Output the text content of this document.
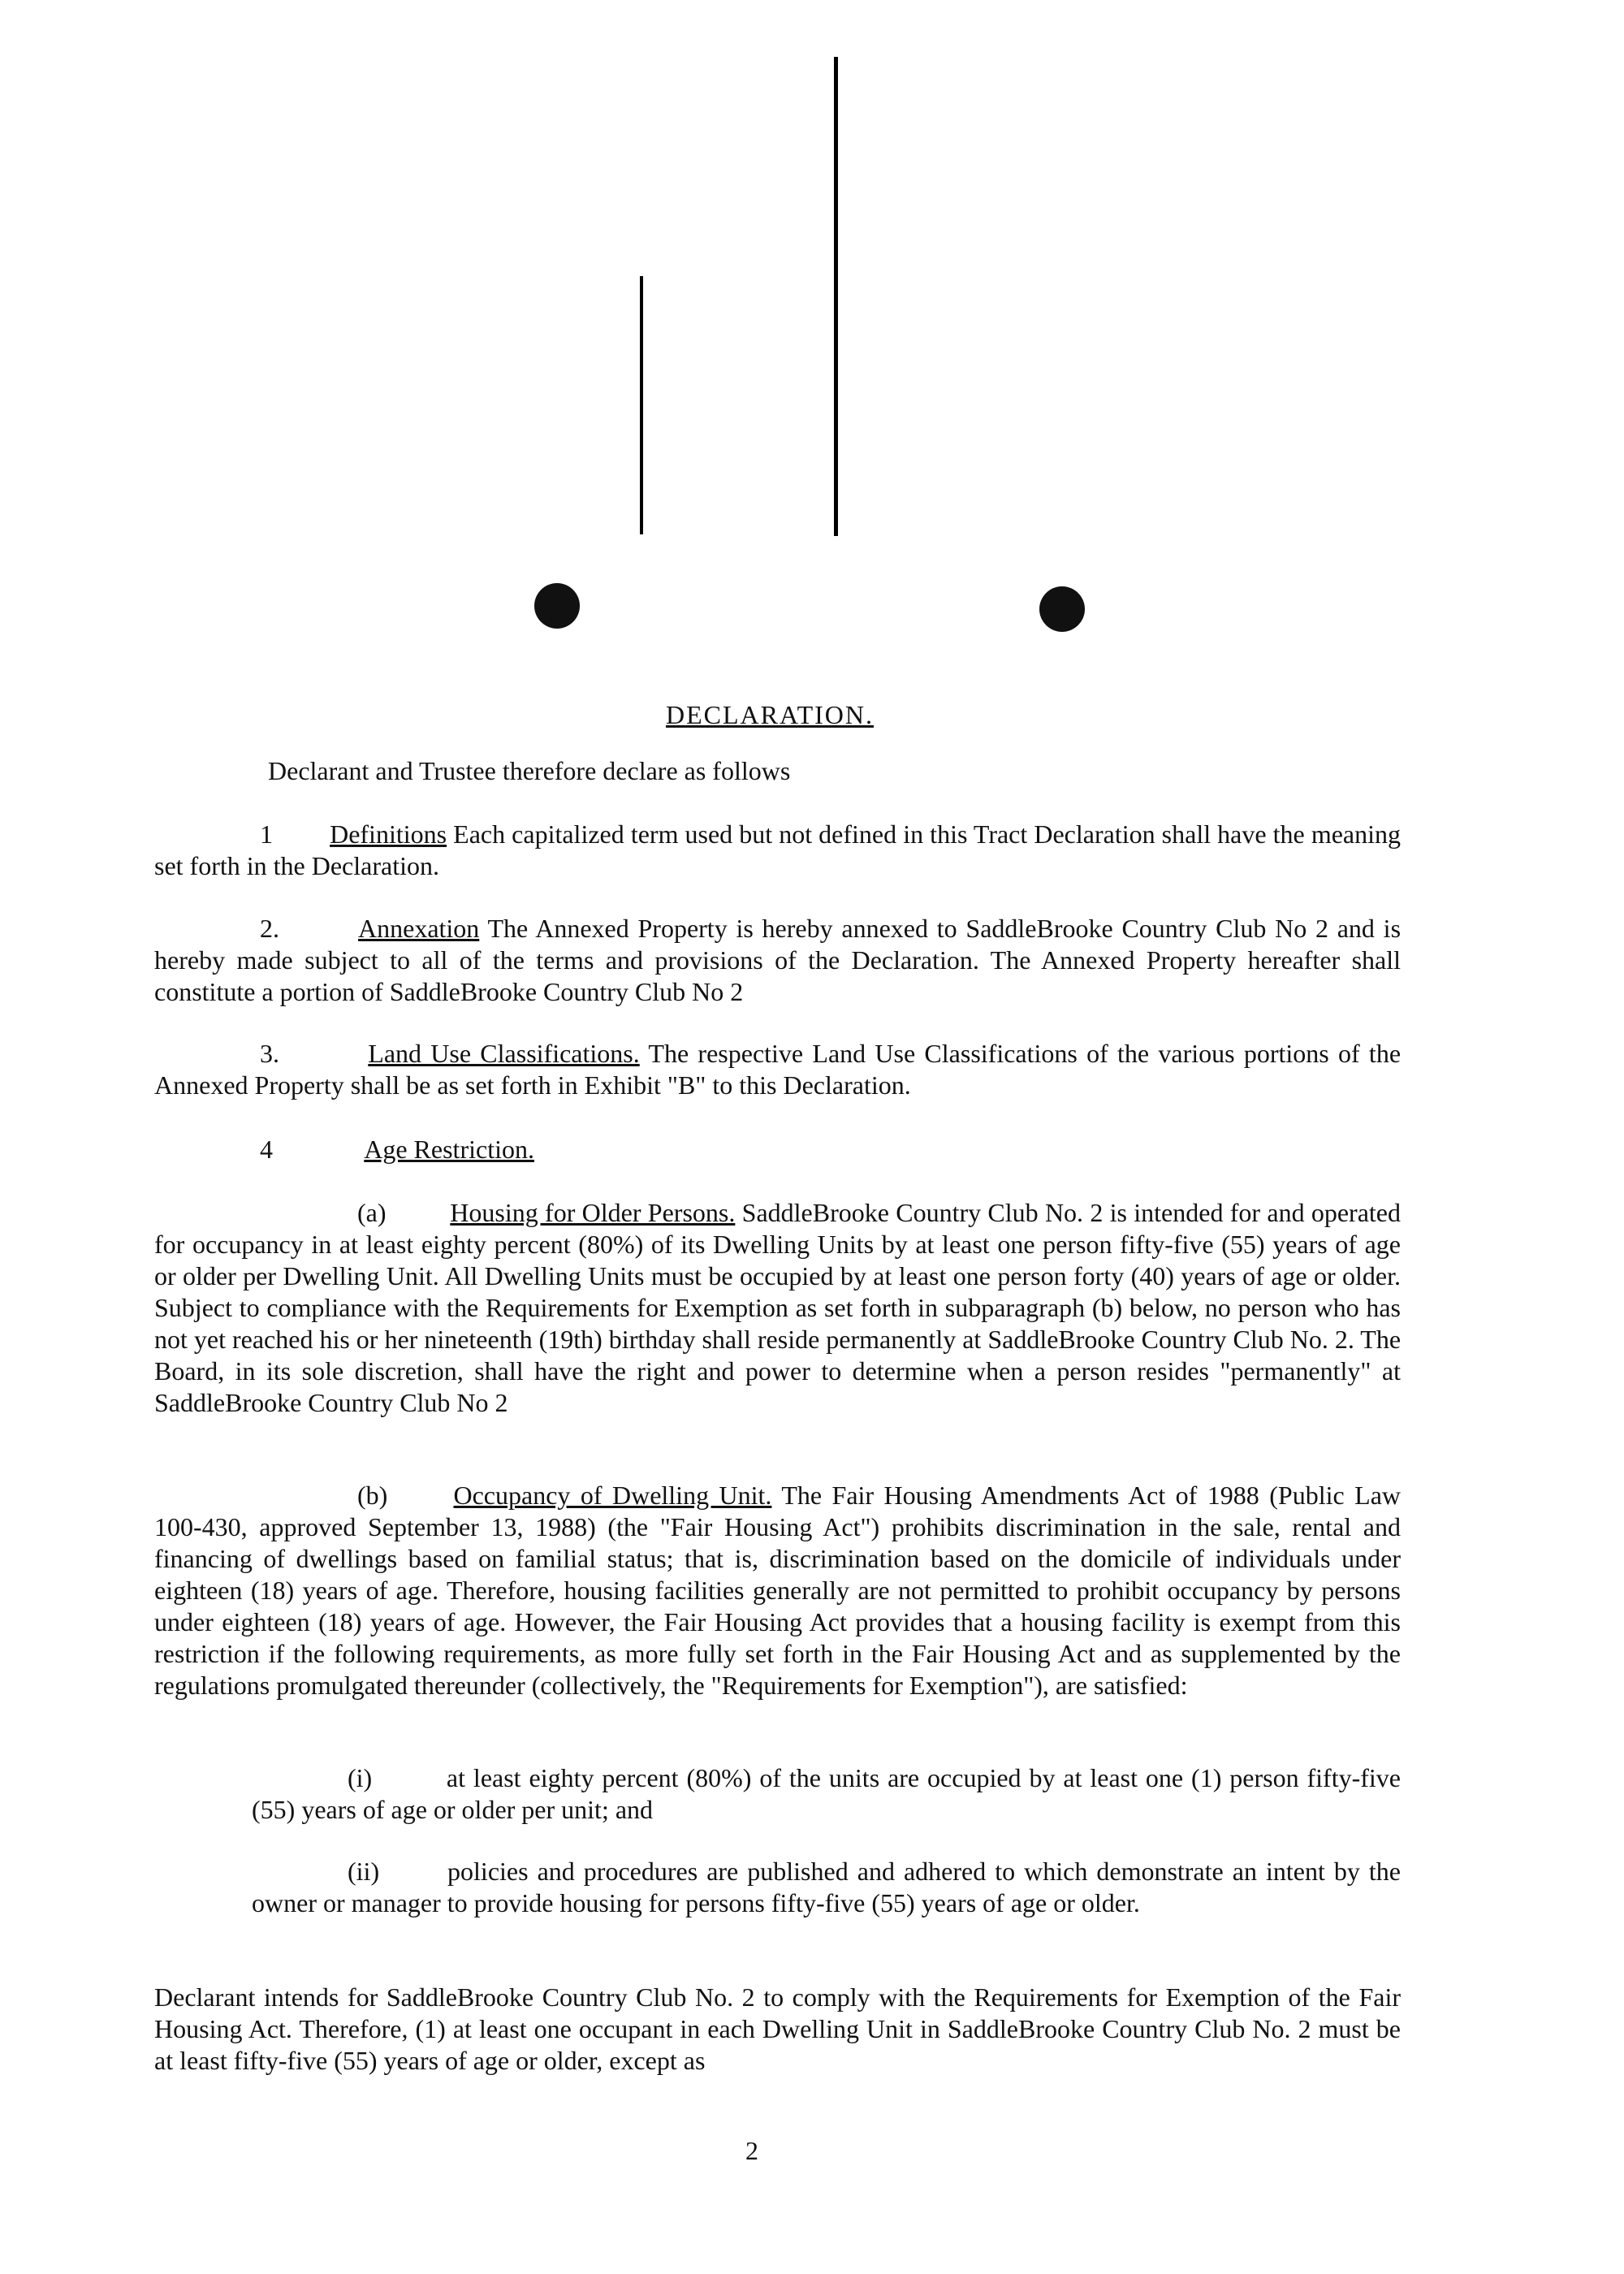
DECLARATION.
Declarant and Trustee therefore declare as follows
1 Definitions Each capitalized term used but not defined in this Tract Declaration shall have the meaning set forth in the Declaration.
2.	Annexation The Annexed Property is hereby annexed to SaddleBrooke Country Club No 2 and is hereby made subject to all of the terms and provisions of the Declaration. The Annexed Property hereafter shall constitute a portion of SaddleBrooke Country Club No 2
3.	Land Use Classifications. The respective Land Use Classifications of the various portions of the Annexed Property shall be as set forth in Exhibit "B" to this Declaration.
4	Age Restriction.
(a) Housing for Older Persons. SaddleBrooke Country Club No. 2 is intended for and operated for occupancy in at least eighty percent (80%) of its Dwelling Units by at least one person fifty-five (55) years of age or older per Dwelling Unit. All Dwelling Units must be occupied by at least one person forty (40) years of age or older. Subject to compliance with the Requirements for Exemption as set forth in subparagraph (b) below, no person who has not yet reached his or her nineteenth (19th) birthday shall reside permanently at SaddleBrooke Country Club No. 2. The Board, in its sole discretion, shall have the right and power to determine when a person resides "permanently" at SaddleBrooke Country Club No 2
(b)	Occupancy of Dwelling Unit. The Fair Housing Amendments Act of 1988 (Public Law 100-430, approved September 13, 1988) (the "Fair Housing Act") prohibits discrimination in the sale, rental and financing of dwellings based on familial status; that is, discrimination based on the domicile of individuals under eighteen (18) years of age. Therefore, housing facilities generally are not permitted to prohibit occupancy by persons under eighteen (18) years of age. However, the Fair Housing Act provides that a housing facility is exempt from this restriction if the following requirements, as more fully set forth in the Fair Housing Act and as supplemented by the regulations promulgated thereunder (collectively, the "Requirements for Exemption"), are satisfied:
(i)	at least eighty percent (80%) of the units are occupied by at least one (1) person fifty-five (55) years of age or older per unit; and
(ii)	policies and procedures are published and adhered to which demonstrate an intent by the owner or manager to provide housing for persons fifty-five (55) years of age or older.
Declarant intends for SaddleBrooke Country Club No. 2 to comply with the Requirements for Exemption of the Fair Housing Act. Therefore, (1) at least one occupant in each Dwelling Unit in SaddleBrooke Country Club No. 2 must be at least fifty-five (55) years of age or older, except as
2
